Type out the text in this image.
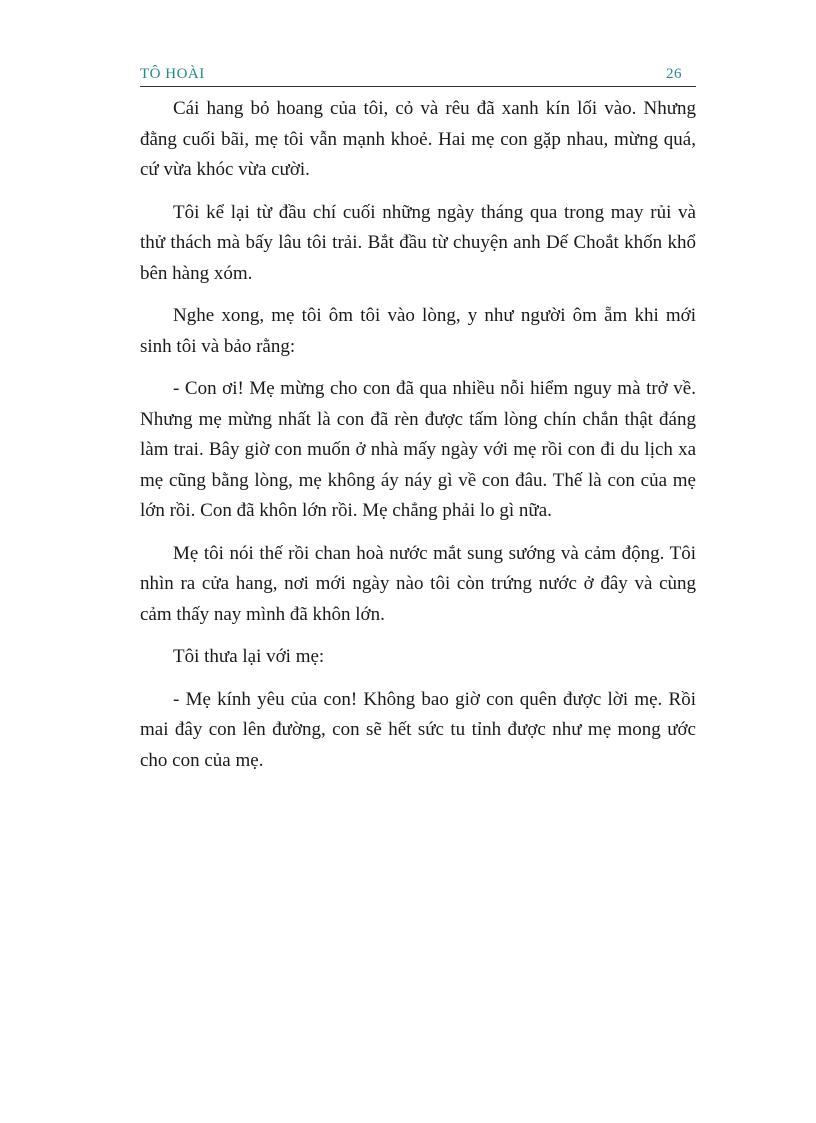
TÔ HOÀI	26

Cái hang bỏ hoang của tôi, cỏ và rêu đã xanh kín lối vào. Nhưng đằng cuối bãi, mẹ tôi vẫn mạnh khoẻ. Hai mẹ con gặp nhau, mừng quá, cứ vừa khóc vừa cười.

Tôi kể lại từ đầu chí cuối những ngày tháng qua trong may rủi và thử thách mà bấy lâu tôi trải. Bắt đầu từ chuyện anh Dế Choắt khốn khổ bên hàng xóm.

Nghe xong, mẹ tôi ôm tôi vào lòng, y như người ôm ẵm khi mới sinh tôi và bảo rằng:

- Con ơi! Mẹ mừng cho con đã qua nhiều nỗi hiểm nguy mà trở về. Nhưng mẹ mừng nhất là con đã rèn được tấm lòng chín chắn thật đáng làm trai. Bây giờ con muốn ở nhà mấy ngày với mẹ rồi con đi du lịch xa mẹ cũng bằng lòng, mẹ không áy náy gì về con đâu. Thế là con của mẹ lớn rồi. Con đã khôn lớn rồi. Mẹ chẳng phải lo gì nữa.

Mẹ tôi nói thế rồi chan hoà nước mắt sung sướng và cảm động. Tôi nhìn ra cửa hang, nơi mới ngày nào tôi còn trứng nước ở đây và cùng cảm thấy nay mình đã khôn lớn.

Tôi thưa lại với mẹ:

- Mẹ kính yêu của con! Không bao giờ con quên được lời mẹ. Rồi mai đây con lên đường, con sẽ hết sức tu tỉnh được như mẹ mong ước cho con của mẹ.
